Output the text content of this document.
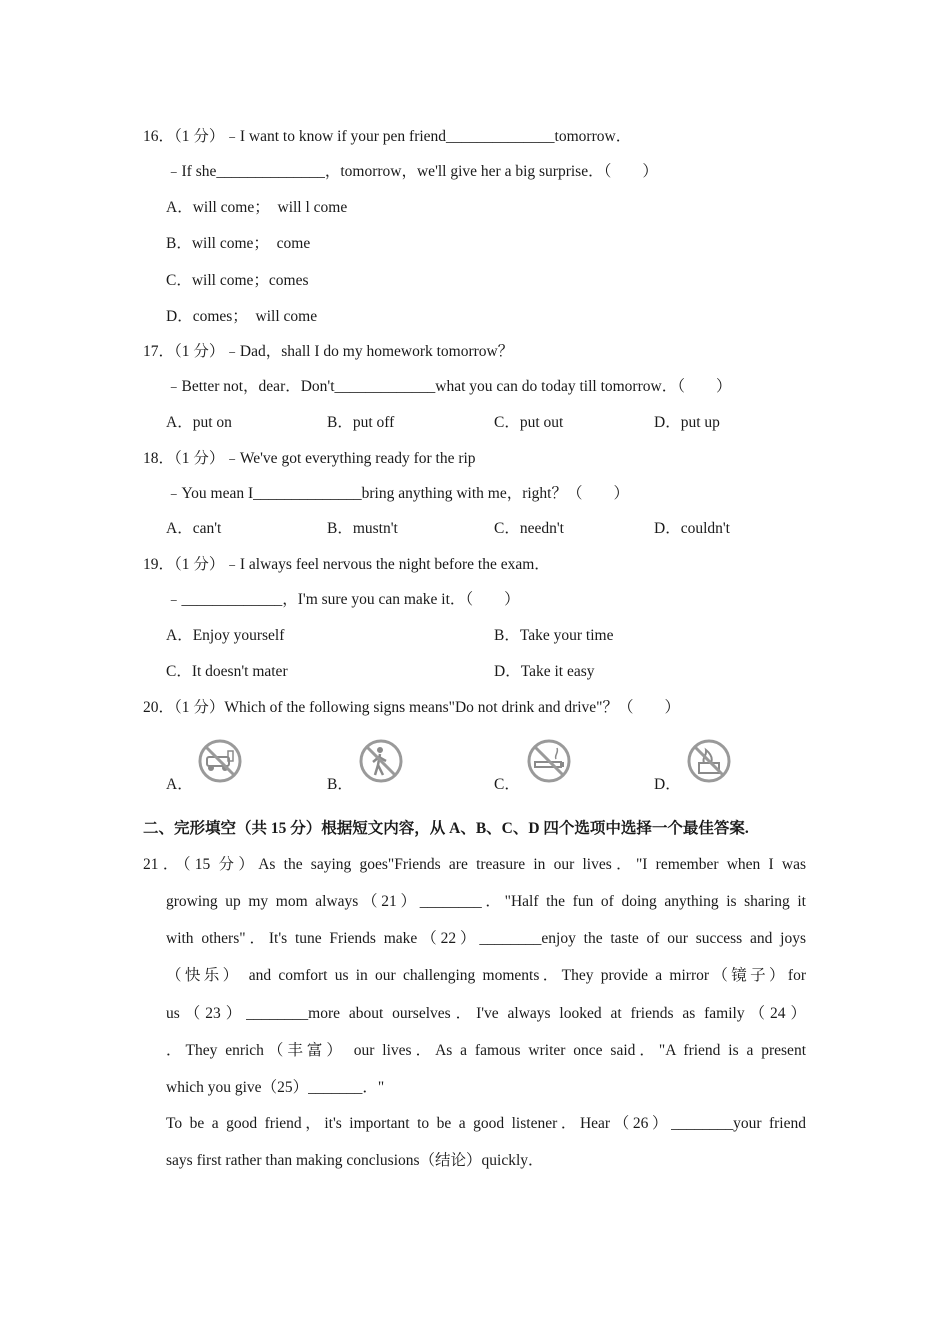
16．（1 分）﹣I want to know if your pen friend______________tomorrow．
﹣If she______________，tomorrow，we'll give her a big surprise．（　　）
A．will come；　will l come
B．will come；　come
C．will come；comes
D．comes；　will come
17．（1 分）﹣Dad，shall I do my homework tomorrow？
﹣Better not，dear．Don't_____________what you can do today till tomorrow．（　　）
A．put on	B．put off	C．put out	D．put up
18．（1 分）﹣We've got everything ready for the rip
﹣You mean I______________bring anything with me，right？（　　）
A．can't	B．mustn't	C．needn't	D．couldn't
19．（1 分）﹣I always feel nervous the night before the exam．
﹣_____________，I'm sure you can make it．（　　）
A．Enjoy yourself	B．Take your time
C．It doesn't mater	D．Take it easy
20．（1 分）Which of the following signs means"Do not drink and drive"？（　　）
A．	B．	C．	D．
二、完形填空（共 15 分）根据短文内容，从 A、B、C、D 四个选项中选择一个最佳答案.
21．（15 分）As the saying goes"Friends are treasure in our lives．"I remember when I was
growing up my mom always（21）________．"Half the fun of doing anything is sharing it
with others"．It's tune Friends make（22）________enjoy the taste of our success and joys
（快乐） and comfort us in our challenging moments．They provide a mirror（镜子）for
us（23）________more about ourselves．I've always looked at friends as family（24）
．They enrich（丰富） our lives．As a famous writer once said．"A friend is a present
which you give（25）_______．"
To be a good friend，it's important to be a good listener．Hear（26）________your friend
says first rather than making conclusions（结论）quickly．
